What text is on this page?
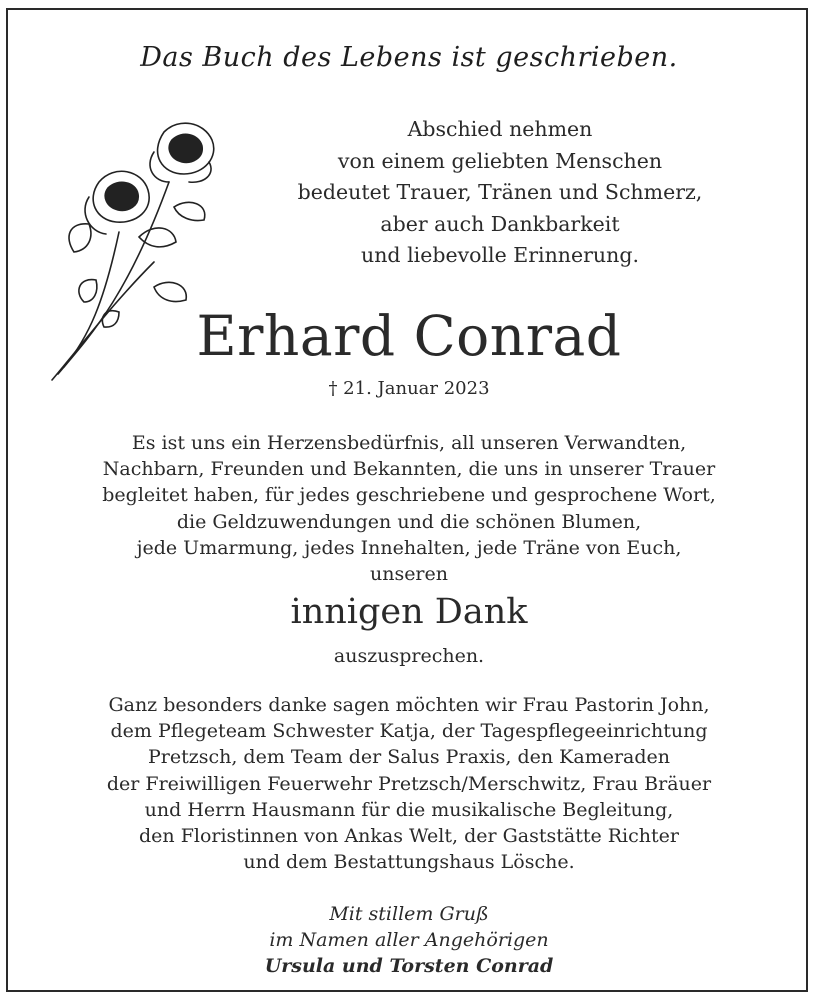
Das Buch des Lebens ist geschrieben.
Abschied nehmen
von einem geliebten Menschen
bedeutet Trauer, Tränen und Schmerz,
aber auch Dankbarkeit
und liebevolle Erinnerung.
Erhard Conrad
† 21. Januar 2023
Es ist uns ein Herzensbedürfnis, all unseren Verwandten,
Nachbarn, Freunden und Bekannten, die uns in unserer Trauer
begleitet haben, für jedes geschriebene und gesprochene Wort,
die Geldzuwendungen und die schönen Blumen,
jede Umarmung, jedes Innehalten, jede Träne von Euch,
unseren
innigen Dank
auszusprechen.
Ganz besonders danke sagen möchten wir Frau Pastorin John,
dem Pflegeteam Schwester Katja, der Tagespflegeeinrichtung
Pretzsch, dem Team der Salus Praxis, den Kameraden
der Freiwilligen Feuerwehr Pretzsch/Merschwitz, Frau Bräuer
und Herrn Hausmann für die musikalische Begleitung,
den Floristinnen von Ankas Welt, der Gaststätte Richter
und dem Bestattungshaus Lösche.
Mit stillem Gruß
im Namen aller Angehörigen
Ursula und Torsten Conrad
